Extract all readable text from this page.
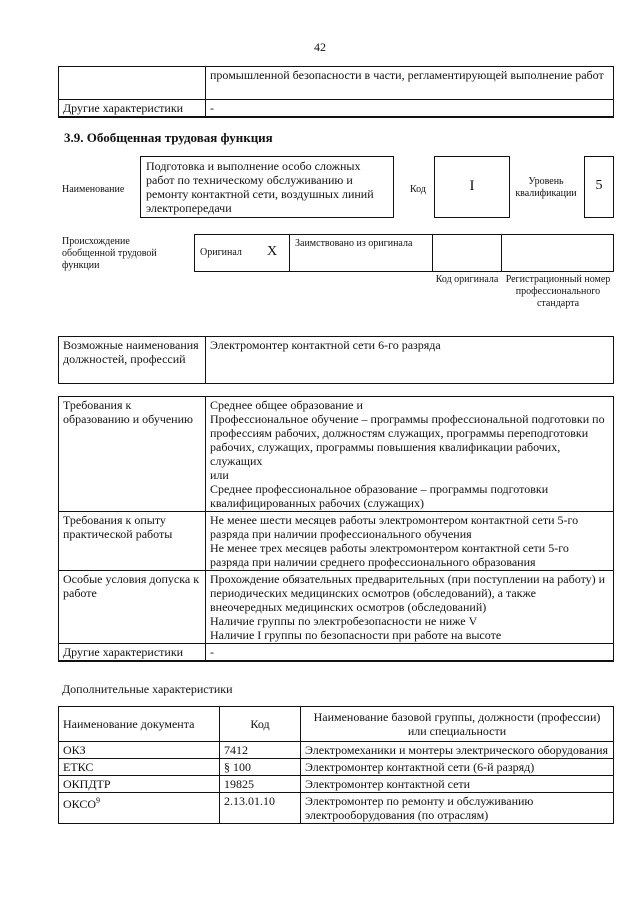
42
	промышленной безопасности в части, регламентирующей выполнение работ
Другие характеристики	-
3.9. Обобщенная трудовая функция
Наименование
Подготовка и выполнение особо сложных работ по техническому обслуживанию и ремонту контактной сети, воздушных линий электропередачи
Код	I	Уровень квалификации
5
Происхождение обобщенной трудовой функции
Оригинал X
Заимствовано из оригинала
Код оригинала Регистрационный номер профессионального стандарта
Возможные наименования должностей, профессий	Электромонтер контактной сети 6-го разряда
Требования к образованию и обучению	Среднее общее образование и
Профессиональное обучение – программы профессиональной подготовки по профессиям рабочих, должностям служащих, программы переподготовки рабочих, служащих, программы повышения квалификации рабочих, служащих
или
Среднее профессиональное образование – программы подготовки квалифицированных рабочих (служащих)

Требования к опыту практической работы	Не менее шести месяцев работы электромонтером контактной сети 5-го разряда при наличии профессионального обучения
Не менее трех месяцев работы электромонтером контактной сети 5-го разряда при наличии среднего профессионального образования

Особые условия допуска к работе	Прохождение обязательных предварительных (при поступлении на работу) и периодических медицинских осмотров (обследований), а также внеочередных медицинских осмотров (обследований)
Наличие группы по электробезопасности не ниже V
Наличие I группы по безопасности при работе на высоте

Другие характеристики	-
Дополнительные характеристики
Наименование документа	Код	Наименование базовой группы, должности (профессии) или специальности
ОКЗ	7412	Электромеханики и монтеры электрического оборудования
ЕТКС	§ 100	Электромонтер контактной сети (6-й разряд)
ОКПДТР	19825	Электромонтер контактной сети
ОКСО$^9$	2.13.01.10	Электромонтер по ремонту и обслуживанию электрооборудования (по отраслям)
